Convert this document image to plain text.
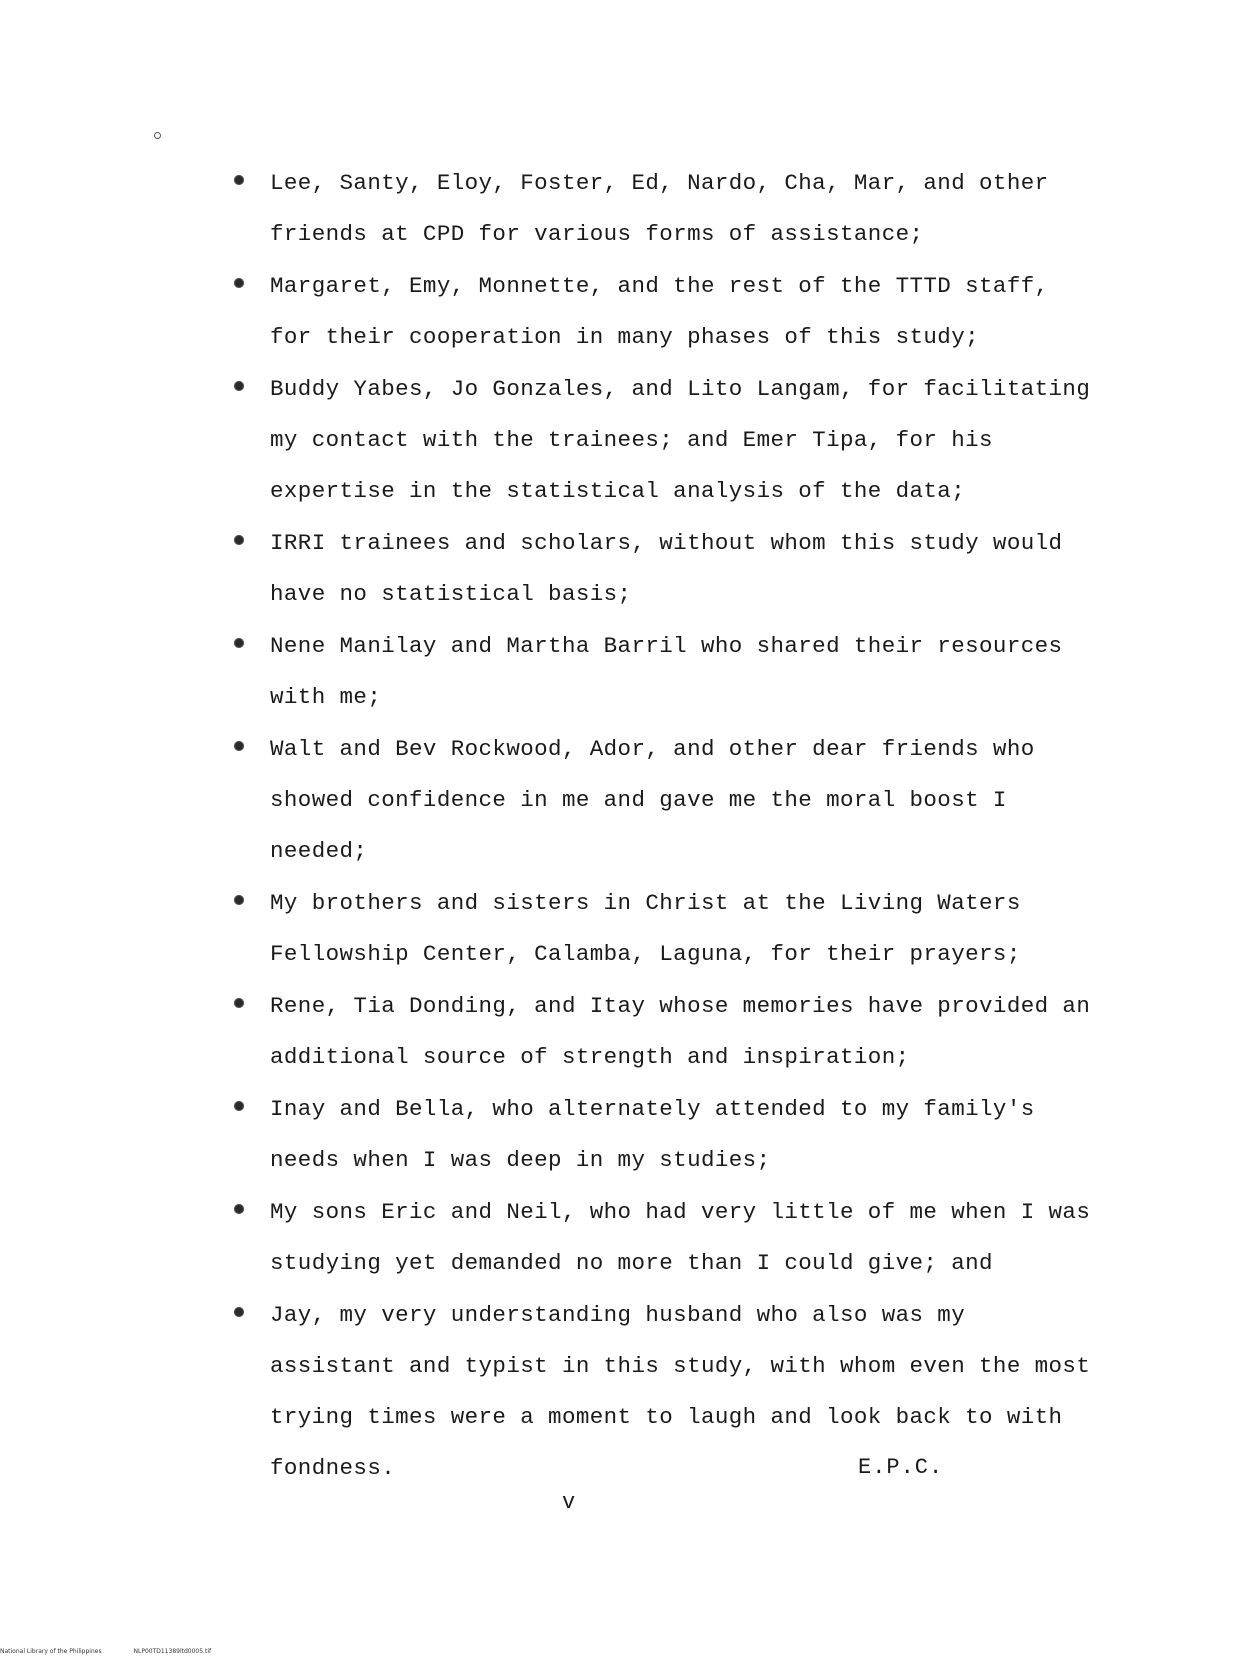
Lee, Santy, Eloy, Foster, Ed, Nardo, Cha, Mar, and other friends at CPD for various forms of assistance;
Margaret, Emy, Monnette, and the rest of the TTTD staff, for their cooperation in many phases of this study;
Buddy Yabes, Jo Gonzales, and Lito Langam, for facilitating my contact with the trainees; and Emer Tipa, for his expertise in the statistical analysis of the data;
IRRI trainees and scholars, without whom this study would have no statistical basis;
Nene Manilay and Martha Barril who shared their resources with me;
Walt and Bev Rockwood, Ador, and other dear friends who showed confidence in me and gave me the moral boost I needed;
My brothers and sisters in Christ at the Living Waters Fellowship Center, Calamba, Laguna, for their prayers;
Rene, Tia Donding, and Itay whose memories have provided an additional source of strength and inspiration;
Inay and Bella, who alternately attended to my family's needs when I was deep in my studies;
My sons Eric and Neil, who had very little of me when I was studying yet demanded no more than I could give; and
Jay, my very understanding husband who also was my assistant and typist in this study, with whom even the most trying times were a moment to laugh and look back to with fondness.	E.P.C.
v
National Library of the Philippines	NLP00TD11389ltd0005.tif
